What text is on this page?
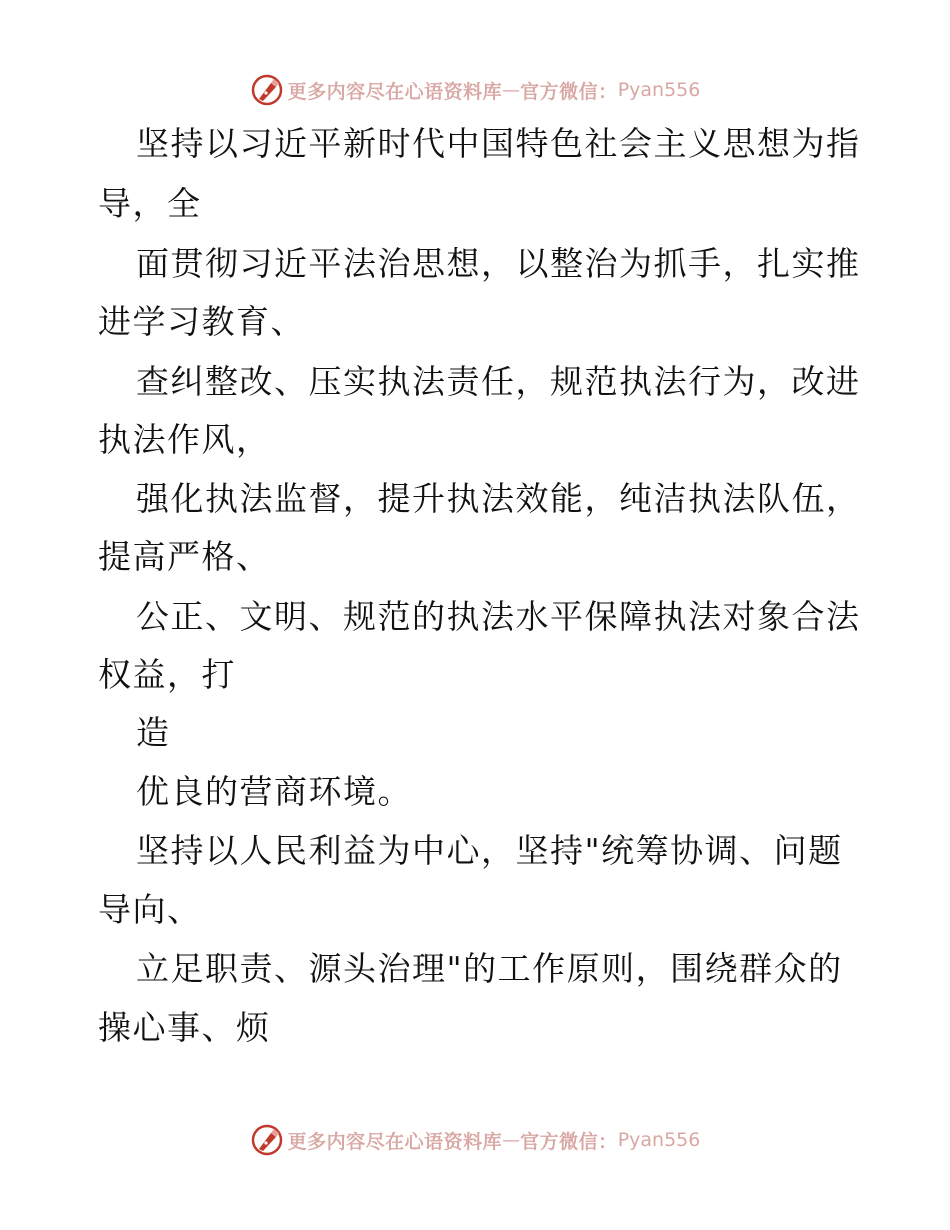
更多内容尽在心语资料库 — 官方微信： Pyan556
坚持以习近平新时代中国特色社会主义思想为指
导，全
面贯彻习近平法治思想，以整治为抓手，扎实推
进学习教育、
查纠整改、压实执法责任，规范执法行为，改进
执法作风，
强化执法监督，提升执法效能，纯洁执法队伍，
提高严格、
公正、文明、规范的执法水平保障执法对象合法
权益，打
造
优良的营商环境。
坚持以人民利益为中心，坚持"统筹协调、问题
导向、
立足职责、源头治理"的工作原则，围绕群众的
操心事、烦
更多内容尽在心语资料库 — 官方微信： Pyan556
